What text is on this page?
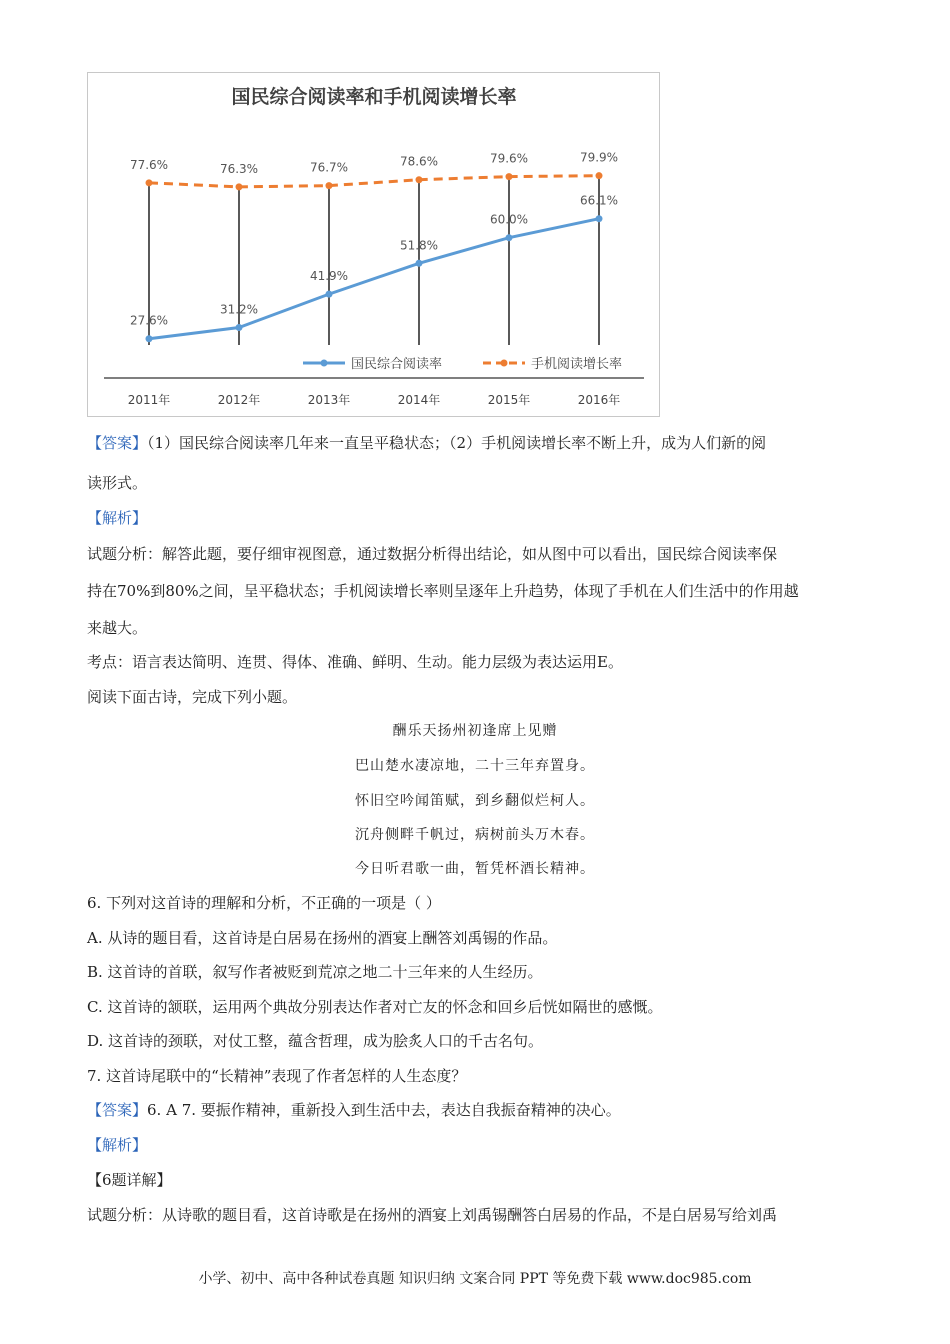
国民综合阅读率和手机阅读增长率
2011年	2012年	2013年	2014年	2015年	2016年
27.6%
31.2%
41.9%
51.8%
60.0%
66.1%
77.6%	76.3%	76.7%	78.6%	79.6%	79.9%
国民综合阅读率	手机阅读增长率
【答案】（1）国民综合阅读率几年来一直呈平稳状态；（2）手机阅读增长率不断上升，成为人们新的阅
读形式。
【解析】
试题分析：解答此题，要仔细审视图意，通过数据分析得出结论，如从图中可以看出，国民综合阅读率保
持在70%到80%之间，呈平稳状态；手机阅读增长率则呈逐年上升趋势，体现了手机在人们生活中的作用越
来越大。
考点：语言表达简明、连贯、得体、准确、鲜明、生动。能力层级为表达运用E。
阅读下面古诗，完成下列小题。
酬乐天扬州初逢席上见赠
巴山楚水凄凉地，二十三年弃置身。
怀旧空吟闻笛赋，到乡翻似烂柯人。
沉舟侧畔千帆过，病树前头万木春。
今日听君歌一曲，暂凭杯酒长精神。
6. 下列对这首诗的理解和分析，不正确的一项是（ ）
A. 从诗的题目看，这首诗是白居易在扬州的酒宴上酬答刘禹锡的作品。
B. 这首诗的首联，叙写作者被贬到荒凉之地二十三年来的人生经历。
C. 这首诗的颔联，运用两个典故分别表达作者对亡友的怀念和回乡后恍如隔世的感慨。
D. 这首诗的颈联，对仗工整，蕴含哲理，成为脍炙人口的千古名句。
7. 这首诗尾联中的“长精神”表现了作者怎样的人生态度？
【答案】6. A 7. 要振作精神，重新投入到生活中去，表达自我振奋精神的决心。
【解析】
【6题详解】
试题分析：从诗歌的题目看，这首诗歌是在扬州的酒宴上刘禹锡酬答白居易的作品，不是白居易写给刘禹
小学、初中、高中各种试卷真题 知识归纳 文案合同 PPT 等免费下载 www.doc985.com
